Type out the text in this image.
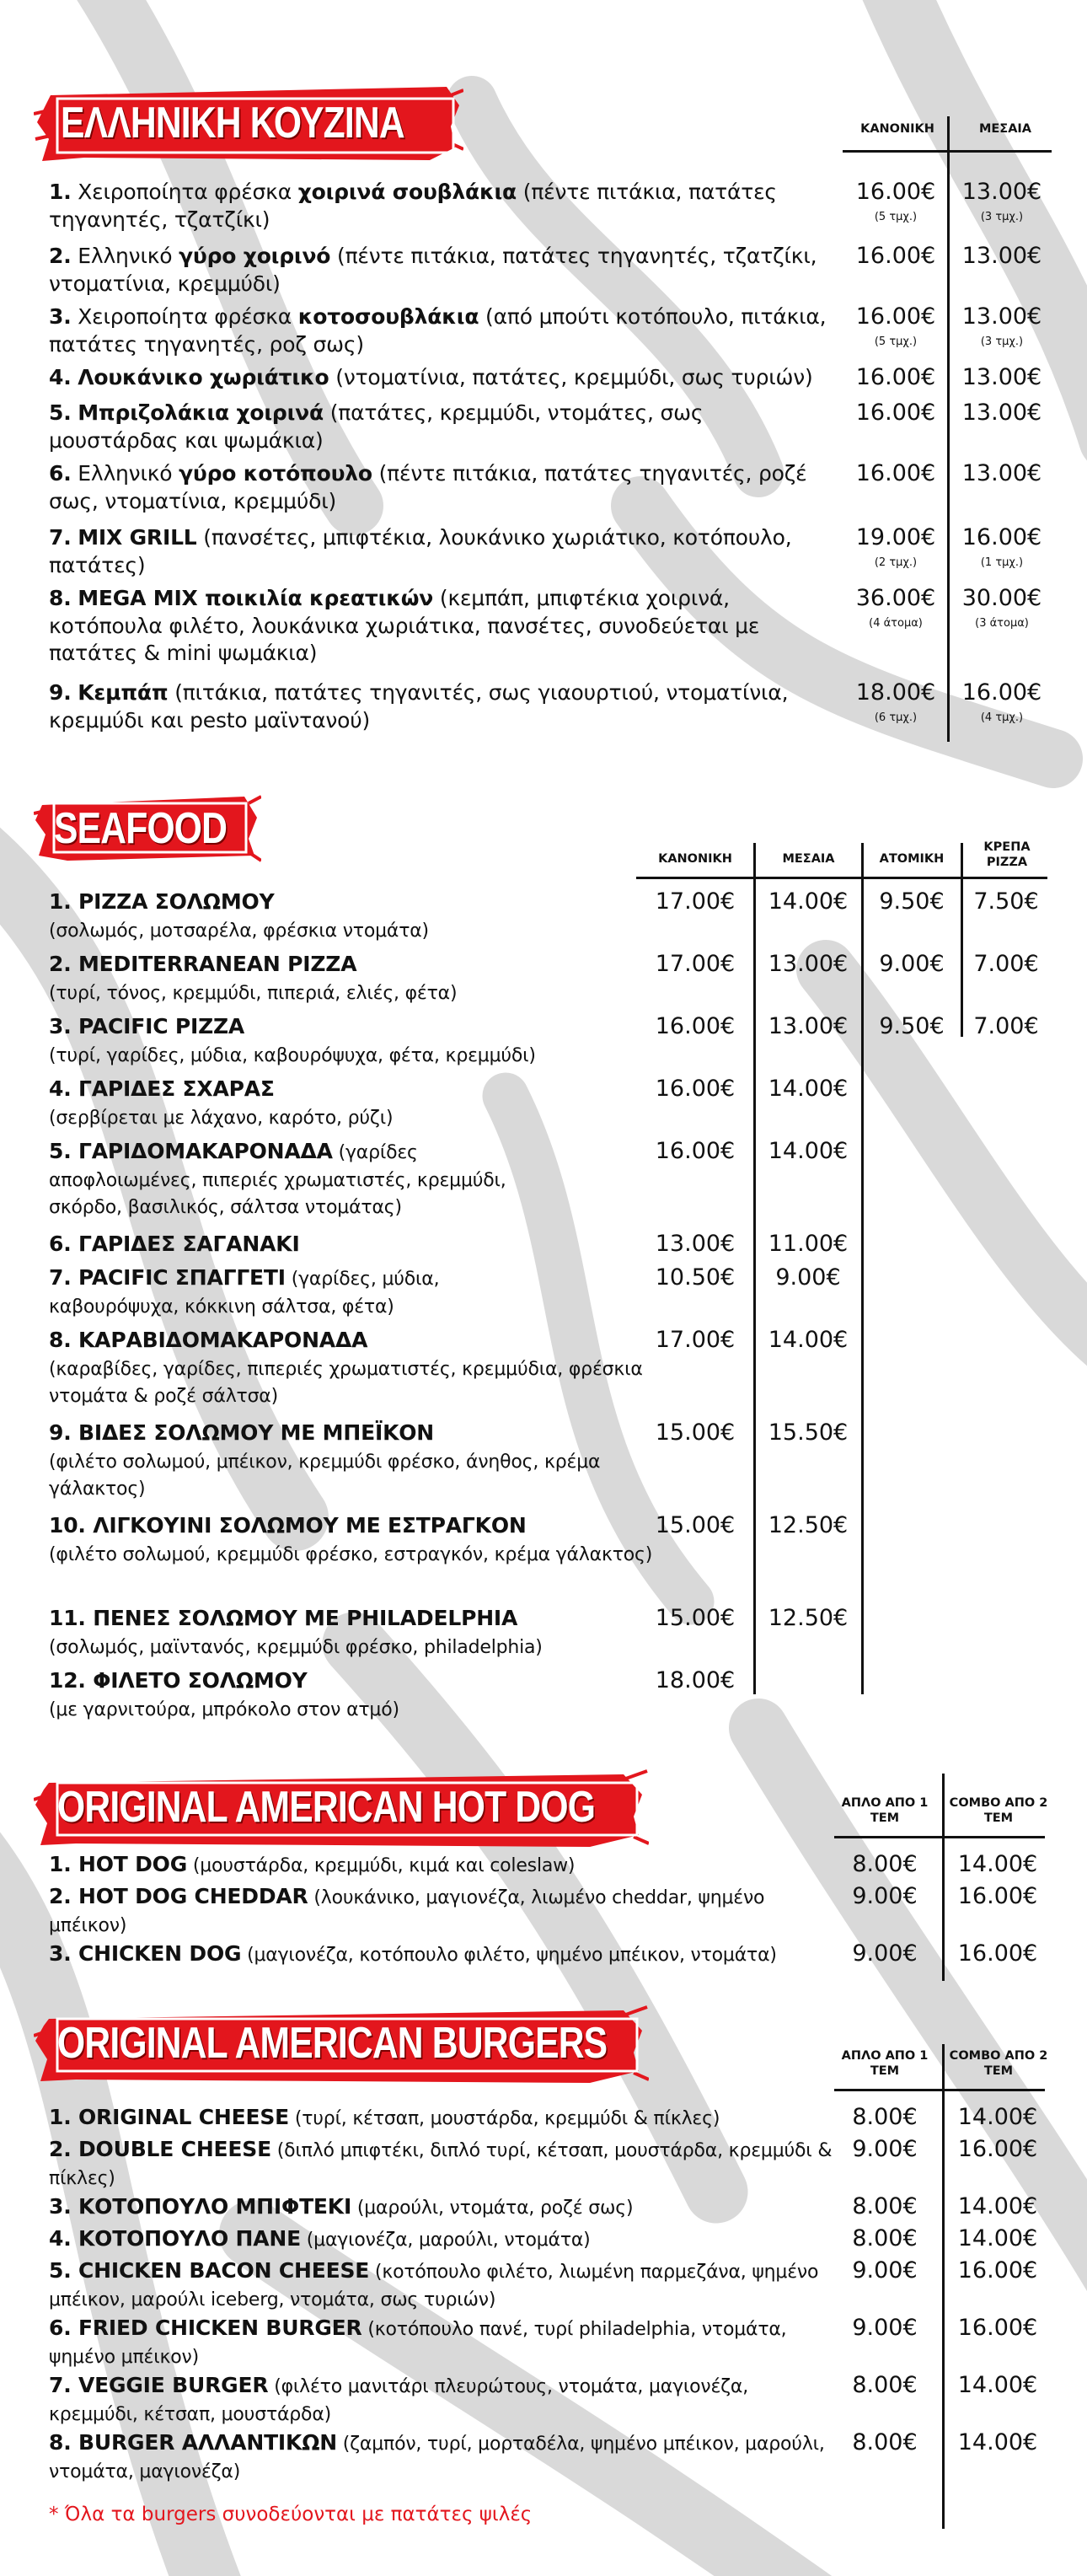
ΕΛΛΗΝΙΚΗ ΚΟΥΖΙΝΑ	ΚΑΝΟΝΙΚΗ	ΜΕΣΑΙΑ
1. Χειροποίητα φρέσκα χοιρινά σουβλάκια (πέντε πιτάκια, πατάτες τηγανητές, τζατζίκι)
16.00€	13.00€
(5 τμχ.)	(3 τμχ.)
2. Ελληνικό γύρο χοιρινό (πέντε πιτάκια, πατάτες τηγανητές, τζατζίκι, ντοματίνια, κρεμμύδι)
16.00€	13.00€
3. Χειροποίητα φρέσκα κοτοσουβλάκια (από μπούτι κοτόπουλο, πιτάκια, πατάτες τηγανητές, ροζ σως)
16.00€	13.00€
(5 τμχ.)	(3 τμχ.)
4. Λουκάνικο χωριάτικο (ντοματίνια, πατάτες, κρεμμύδι, σως τυριών)	16.00€	13.00€
5. Μπριζολάκια χοιρινά (πατάτες, κρεμμύδι, ντομάτες, σως μουστάρδας και ψωμάκια)
16.00€	13.00€
6. Ελληνικό γύρο κοτόπουλο (πέντε πιτάκια, πατάτες τηγανιτές, ροζέ σως, ντοματίνια, κρεμμύδι)
16.00€	13.00€
7. MIX GRILL (πανσέτες, μπιφτέκια, λουκάνικο χωριάτικο, κοτόπουλο, πατάτες)
19.00€	16.00€
(2 τμχ.)	(1 τμχ.)
8. MEGA MIX ποικιλία κρεατικών (κεμπάπ, μπιφτέκια χοιρινά, κοτόπουλα φιλέτο, λουκάνικα χωριάτικα, πανσέτες, συνοδεύεται με πατάτες & mini ψωμάκια)
36.00€	30.00€
(4 άτομα)	(3 άτομα)
9. Κεμπάπ (πιτάκια, πατάτες τηγανιτές, σως γιαουρτιού, ντοματίνια, κρεμμύδι και pesto μαϊντανού)
18.00€	16.00€
(6 τμχ.)	(4 τμχ.)
SEAFOOD
ΚΑΝΟΝΙΚΗ	ΜΕΣΑΙΑ	ΑΤΟΜΙΚΗ
ΚΡΕΠΑ PIZZA
1. PIZZA ΣΟΛΩΜΟΥ
(σολωμός, μοτσαρέλα, φρέσκια ντομάτα)
17.00€	14.00€	9.50€	7.50€
2. MEDITERRANEAN PIZZA
(τυρί, τόνος, κρεμμύδι, πιπεριά, ελιές, φέτα)
17.00€	13.00€	9.00€	7.00€
3. PACIFIC PIZZA
(τυρί, γαρίδες, μύδια, καβουρόψυχα, φέτα, κρεμμύδι)
16.00€	13.00€	9.50€	7.00€
4. ΓΑΡΙΔΕΣ ΣΧΑΡΑΣ
(σερβίρεται με λάχανο, καρότο, ρύζι)
16.00€	14.00€
5. ΓΑΡΙΔΟΜΑΚΑΡΟΝΑΔΑ (γαρίδες αποφλοιωμένες, πιπεριές χρωματιστές, κρεμμύδι, σκόρδο, βασιλικός, σάλτσα ντομάτας)
16.00€	14.00€
6. ΓΑΡΙΔΕΣ ΣΑΓΑΝΑΚΙ	13.00€	11.00€
7. PACIFIC ΣΠΑΓΓΕΤΙ (γαρίδες, μύδια, καβουρόψυχα, κόκκινη σάλτσα, φέτα)
10.50€	9.00€
8. ΚΑΡΑΒΙΔΟΜΑΚΑΡΟΝΑΔΑ
(καραβίδες, γαρίδες, πιπεριές χρωματιστές, κρεμμύδια, φρέσκια ντομάτα & ροζέ σάλτσα)
17.00€	14.00€
9. ΒΙΔΕΣ ΣΟΛΩΜΟΥ ΜΕ ΜΠΕΪΚΟΝ
(φιλέτο σολωμού, μπέικον, κρεμμύδι φρέσκο, άνηθος, κρέμα γάλακτος)
15.00€	15.50€
10. ΛΙΓΚΟΥΙΝΙ ΣΟΛΩΜΟΥ ΜΕ ΕΣΤΡΑΓΚΟΝ
(φιλέτο σολωμού, κρεμμύδι φρέσκο, εστραγκόν, κρέμα γάλακτος)
15.00€	12.50€
11. ΠΕΝΕΣ ΣΟΛΩΜΟΥ ΜΕ PHILADELPHIA
(σολωμός, μαϊντανός, κρεμμύδι φρέσκο, philadelphia)
15.00€	12.50€
12. ΦΙΛΕΤΟ ΣΟΛΩΜΟΥ
(με γαρνιτούρα, μπρόκολο στον ατμό)
18.00€
ORIGINAL AMERICAN HOT DOG	ΑΠΛΟ ΑΠΟ 1 ΤΕΜ
COMBO ΑΠΟ 2 ΤΕΜ
1. HOT DOG (μουστάρδα, κρεμμύδι, κιμά και coleslaw)	8.00€	14.00€
2. HOT DOG CHEDDAR (λουκάνικο, μαγιονέζα, λιωμένο cheddar, ψημένο μπέικον)
9.00€	16.00€
3. CHICKEN DOG (μαγιονέζα, κοτόπουλο φιλέτο, ψημένο μπέικον, ντομάτα)	9.00€	16.00€
ORIGINAL AMERICAN BURGERS	ΑΠΛΟ ΑΠΟ 1 ΤΕΜ
COMBO ΑΠΟ 2 ΤΕΜ
1. ORIGINAL CHEESE (τυρί, κέτσαπ, μουστάρδα, κρεμμύδι & πίκλες)	8.00€	14.00€
2. DOUBLE CHEESE (διπλό μπιφτέκι, διπλό τυρί, κέτσαπ, μουστάρδα, κρεμμύδι & πίκλες)
9.00€	16.00€
3. ΚΟΤΟΠΟΥΛΟ ΜΠΙΦΤΕΚΙ (μαρούλι, ντομάτα, ροζέ σως)	8.00€	14.00€
4. ΚΟΤΟΠΟΥΛΟ ΠΑΝΕ (μαγιονέζα, μαρούλι, ντομάτα)	8.00€	14.00€
5. CHICKEN BACON CHEESE (κοτόπουλο φιλέτο, λιωμένη παρμεζάνα, ψημένο μπέικον, μαρούλι iceberg, ντομάτα, σως τυριών)
9.00€	16.00€
6. FRIED CHICKEN BURGER (κοτόπουλο πανέ, τυρί philadelphia, ντομάτα, ψημένο μπέικον)
9.00€	16.00€
7. VEGGIE BURGER (φιλέτο μανιτάρι πλευρώτους, ντομάτα, μαγιονέζα, κρεμμύδι, κέτσαπ, μουστάρδα)
8.00€	14.00€
8. BURGER ΑΛΛΑΝΤΙΚΩΝ (ζαμπόν, τυρί, μορταδέλα, ψημένο μπέικον, μαρούλι, ντομάτα, μαγιονέζα)
8.00€	14.00€
* Όλα τα burgers συνοδεύονται με πατάτες ψιλές
